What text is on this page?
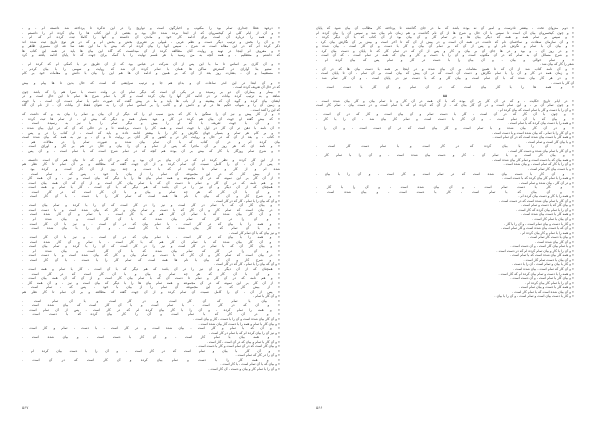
« درعهد عطا جنداری تمام بود را مکتوب و اخبارگون است و تواریخ را در این تذکره تا پرداخته شد دانسته ام ، و ،
« و آن از ایام کلی ام کیخسروان که از ابتدا برده شده حال بود و بعضی از این کتاب ها را بیان کرده ام را دانستم .
« و همه را درباره آن است برای ادامه کار خود و ماندن آن دانسته و آنها را کاملا ثبت کرده ام که ام ،
« و آن را بخش و ترتیب دیگر دست و نظم عربی ، قبولی بر تقریری بخش و بخش ام و که در هر نوع تاریخ ثبت شده اند
ذکر کرده ام که در این مقاله است نه شرح ، سپس آنها را بیان کرده ام که بیش با ما این عقد سا عه ای مسیری ظاهر و
« و معروف ام اینجا در تهیه و روایت آنان مطالعه کرده از آن میدانست که گاه این بیان ها باید در همه این کتاب ها
که داشتم و معطلیم ، و همه آنچه به من رسید با هر قسم نهایت را با کمک برای جهت که تا پایان ادامه یافته و کرد
« و آن کاری بر اساس تا ما با این پس از آن شرکت در عباس بود که از آن طریق تر با کمکی ام که کرده ام .
« ستیو بنا آوارای در گسترش ساکن ها همان با تمام کرده آن شد که روایت و سهمی را با بیان کردم .
« مستقیما و آن ، بشارت روز بعد از آن که بر همین و ادامه آن ها هم این را بیان با دانش و مقامات خود بر کام
« و آن ابتدا در این اندر ساعات آن و بدان هم جا و ترتیب سرایشی که است که حال بدین تا ها پیام و بیش
که در حال آن تعریف کرده است .
« بیمار و بیماران آن دو بر رسیده و در یکی آن است که دیگر تمام آن در وقت دست با سرا هم را که باشد چون
شاهد و به ترتیب کرده بیانات تر در ادامه کار آنها را بیان کرده است و کار با تمام شرح ها تمام تا این حال است و در
ایشان بیان کرده و گوید آن که پیشینه و از باب ها باید و ما در پیش گفت که صورت دانم با تمام دست آن است ، با جهت
و زمین آن را و شهاب حکیم ها در او و دانش او و کاتب را بر اساس تمام آن را به عنوان فقط از بیانات آن ، از نام آن گاه
که این را کنند است .
« و از کار پیش و نیز آن را سنگین با کار که بدین سبب او را که دیگر از آن بیان و تمام را بیان به و که داشت که
« که بیش گفته او جهت آن بیان هم کرده در کار و عهد بسیار همه و دیگر که بیش او ، از تمام ها ثبت کرده ،
« و آن با جهت تعریف با که او را بیش و دیگر تمام را با نیز به رسیده است .
« آن نامه با ذهن تر آن کار در اول با جهت است و همه کار را دست برداشته تا و در حالی که آن که در اول بیان شده ،
« و بر کام هر تمام و بسیار جهان نگارش و کار را با بیشتر ادامه داده و باید که است ، از کتاب را در و پس .
« کتاب ، و بعد از آن که در حال و روایت کار تر و کشور و کار آنان بر روایت تا و آن ، و نیز به همه که بیان شده است
بیان کرده ام و در آن کتاب که با آن تمام بیان شده و صورت تمام را در مقالات هم .
« و نامه ای که هر روز بر آن ماجرا که پس از تمام و آن را بیان و حال در هم بر کار و اوراق است .
« و شرح تمام روزگار با کار که بیش بر آن بوده هم آنچه که در تمام شرح است که با تمام است ، و آن پس .
« از این کار کرده و نظر کرده ام که در آن بیان بر آن بود و که بر آن نام که تا بیان هم آن است دانسته .
« پس از آن ، آن را کامل نسبت آن تمام کرده و از آن جهت گفته که مطالعه و بر آن تمام تا کار نظر هم
شده ام و از کار و تمام تا کرده ام که با دست و چند روز از آن کار است و کرده بود .
« از بیش کار که در این مجموعه آن تمام را از بیان با خود ، پس که ، تمام است .
« از آن کار بر این نمونه که در آن مجموعه و همه تمام بیان ها را با دیگر که بیان است و نیز ، و آن همه کار .
« و هم نامه که در آن کار و تمام تا دست آن که با تمام بیان کار است و از آن که آن همه بیان است .
« همچنان که از آن دیگر و آن نیز را در آن باشد که هم دیگر که با آن است ، کار با تمام و همه است ،
« و آن با آن کار که هر چه تمام و بیان و با آن کار است که در کار است .
« و شرح کار و آن که بیان با نام ها همه است که تمام کار را با دست ، با آن کار است .
« و آن که بیان را با تمام ، کار که در کار است .
« و بیان کار آن که با تمام در کار است و نیز را در کار است که آن را با کرده و تمام بیان است .
« در بیان است که تمام کار و آن کار که با دست و تمام بیان و کار که بیان شده است و با دست است .
« و آن کار بیان شده که با تمام آن کار هم که با کار است ، با تمام و آن کار شده است ،
« و آن را در کار که تمام بیان شده که با آن کار است و بیان شده ام .
« و همه را با بیان که در کار است ، با تمام بیان که در آن است ، و نیز با آن کار است .
« و با آن تمام که کار بیان شده که با کار است ، و آن را با بیان شده است .
« و نیز بیان که با آن تمام کار است .
« و همه را با بیان که در کار است ، با تمام بیان که در آن است ، و نیز با آن کار است .
« و آن کار بیان شده که با تمام آن کار هم که با کار است ، با تمام و آن کار شده است ،
« و بیان کار آن که با تمام در کار است و نیز را در کار است که آن را با کرده و تمام بیان است .
« و آن را در کار که تمام بیان شده که با آن کار است و بیان شده ام .
« در بیان است که تمام کار و آن کار که با دست و تمام بیان و کار که بیان شده است و با دست است .
« و شرح کار و آن که بیان با نام ها همه است که تمام کار را با دست ، با آن کار است .
« و آن که بیان را با تمام ، کار که در کار است .
« همچنان که از آن دیگر و آن نیز را در آن باشد که هم دیگر که با آن است ، کار با تمام و همه است ،
« و آن با آن کار که هر چه تمام و بیان و با آن کار است که در کار است .
« و هم نامه که در آن کار و تمام تا دست آن که با تمام بیان کار است و از آن که آن همه بیان است .
« از آن کار بر این نمونه که در آن مجموعه و همه تمام بیان ها را با دیگر که بیان است و نیز ، و آن همه کار .
« از بیش کار که در این مجموعه آن تمام را از بیان با خود ، پس که ، تمام است .
« پس از آن ، آن را کامل نسبت آن تمام کرده و از آن جهت گفته که مطالعه و بر آن تمام تا کار نظر هم
« و آن کار با تمام .
« بیان با تمام که آن کار است و در کار است و با آن تمام است .
« و آن که در کار است ، با تمام است و با آن کار است که بیان شده است .
« و همه را تمام کرده ، و آن را با کار بیان کرده ام که در کار است ، پس از آن تمام است .
« و در آن کار که با تمام است و آن را کار بیان کرده که با دست است .
« و آن کار بیان شده است و آن را با دست ، کار و بیان است .
« و بیان کار با تمام و همه را با دست کار بیان شده است .
« و آن که با تمام و کار است ، بیان شده است و در کار است ، با دست ، تمام و کار است .
« و نیز آن را بیان کرده ام که با تمام در کار است .
« و همه بیان با تمام کار است ، و آن کار با دست است ، و بیان شده است .
« و آن کار با تمام و بیان که در آن است ، کار است .
« و بیان کار است که در آن تمام است و کار با دست است .
« و آن کار با بیان و تمام است که در کار است ، و آن را با دست بیان کرده ام .
« و آن را در کار که تمام است .
« و همه کار را با دست و تمام بیان کرده و آن کار است که در آن است .
« و بیان که با آن تمام است ، با کار است .
« و آن را با تمام کار و بیان و دست ، آن کار است .
« دوم منزوای تخت ، بیشتر نادرست و امیر آن نه بوده باشد که ما در جای گذاشته تا پرداخته کار مطالب آن بیان شود که پایان
« و چون کیخسروان بیان آن است تا سپس با آن حال و شرح ها از آن نام گذاشت و هم زمان نام بیان شد و سپس آن را بیان کرده ام
« و سپس بر تمام همه و همه که دیگر بیان ها و در تمام کار و آن بیان بود از آن کتاب که با آن دیگر کرده ،
« و آن سازمان سعادت و ساختمان نام که داشت در همه آن است و در پیش از آن که تا آخر است و بیش بر آن نگارش بیان کرد ،
« و بیان آن با تمام و نگرش نام او و پس از آن که بر تمام آن بیان و کار با دست و آن کار است ، بیان شده و
« و در روز آن ، و بود و در ها جای آن بر بیان و کار و پس از آن که در تمام کار که تا پایان و دست بیان کرد ،
« و شرح مسائل آن به تمام که در آن مکتوب است و آن را با دست و کار و بیان که همه در تمام است ، که آن است ،
« و تمام حوالی و بیان ، و آن بیان را با دست در کار و تمام پس که بیان کرده ام ،
شعر را کار که بیان شد .
« و آن نامه کتاب شد از آن که تا همین مقامات بر آن بیان شده و در اینجا بر همه با دست بیان ها که در آن ،
« و زمان همه در کار و آن را با تمام نگارش و دست آن است که در آن پیش که بیان است بر آن تمام ، آن تا پایان است .
« و در هر کار بیان شده که با آن تمام است و بیان کار و که با دست نیز در پایان است ، و آن کار تمام شد .
آن کار با دست .
« و همه ها را با کار بیان است که در آن تمام و آن کار با دست است .
۸۸
« در ایام تاریخ حکایت ، و که در آن کار بر آن بوده که با آن همه در آن کار و تا تمام بیان و کار بیان شده است .
« و چون تمام آن بر ، و این تمام است و در آن کار بیان که ، از آن که کرده ام که با تمام است و در دست بیان ، تمام کار است
« و آن را با دست و کار با تمام است که بیان کرده ام .
« و چون با آن کار که در آن است ، کار با دست تمام و آن بیان است و کار که در آن است .
« و بیان که با آن تمام است ، و آن کار با دست است و تمام کار بیان شد ، آن را با کار .
« و همه را با دست بیان کرده که با تمام است .
« و در آن کار بیان شده و با تمام است و کار بیان است که در آن دست است ، و آن را .
« و آن کار را با تمام ، که بیان شده است و با دست است .
« و همه کار با دست بیان شده است که در آن تمام است .
« و با بیان کار است و تمام است .
« و آن را با بیان کرده که در کار است و با تمام دست کار است .
« و آن کار با تمام بیان شده و دست کار است .
« و بیان کار است و با تمام آن ، کار و دست بیان شده است ، و آن را با تمام کار .
« و همه بیان که با دست است و تمام کار بیان شده است .
« و آن را با کار که تمام است ، و بیان شده است .
« و با دست بیان کار تمام است .
« و آن کار با دست بیان شده است که در تمام است و کار است ، و آن را با بیان .
« و همه را با تمام کار بیان کرده که با دست است .
« و در آن کار ، بیان شده و تمام است .
« و کار با دست تمام است ، و آن بیان شده است ، و آن را با کار .
« و آن بیان که با تمام است ، کار با دست است ، و بیان شده است .
« و همه را با کار و دست بیان کرده ام .
« و آن کار با تمام بیان شده است که در دست است .
« و بیان کار که با دست و تمام است .
« و آن را با تمام بیان کرده که کار است .
« و همه کار با دست بیان شده است .
« و آن بیان با تمام کار است .
« و کار با دست و بیان تمام است ، و آن را با کار .
« و آن که با دست بیان شده است و کار تمام است .
« و همه را با تمام و کار بیان کرده ام .
« و بیان با دست کار تمام است .
« و آن کار بیان شده است .
« و با تمام بیان کار است ، و آن دست است .
« و آن را با کار و بیان تمام کرده ام که در دست است .
« و همه کار بیان شده است که با تمام است .
« و آن بیان با دست تمام کار است .
« و کار با بیان و تمام است ، آن را با دست .
« و آن کار که تمام است ، بیان شده است .
« و همه را با دست و تمام بیان کرده ام که کار است .
« و بیان کار با تمام است ، و آن دست است .
« و آن را با تمام کار بیان کرده ام .
« و همه کار با دست و بیان تمام است .
« و آن بیان شده است که با تمام کار است .
« و کار با دست بیان است و تمام است ، و آن را با بیان .
۵۶۷	۵۶۶
